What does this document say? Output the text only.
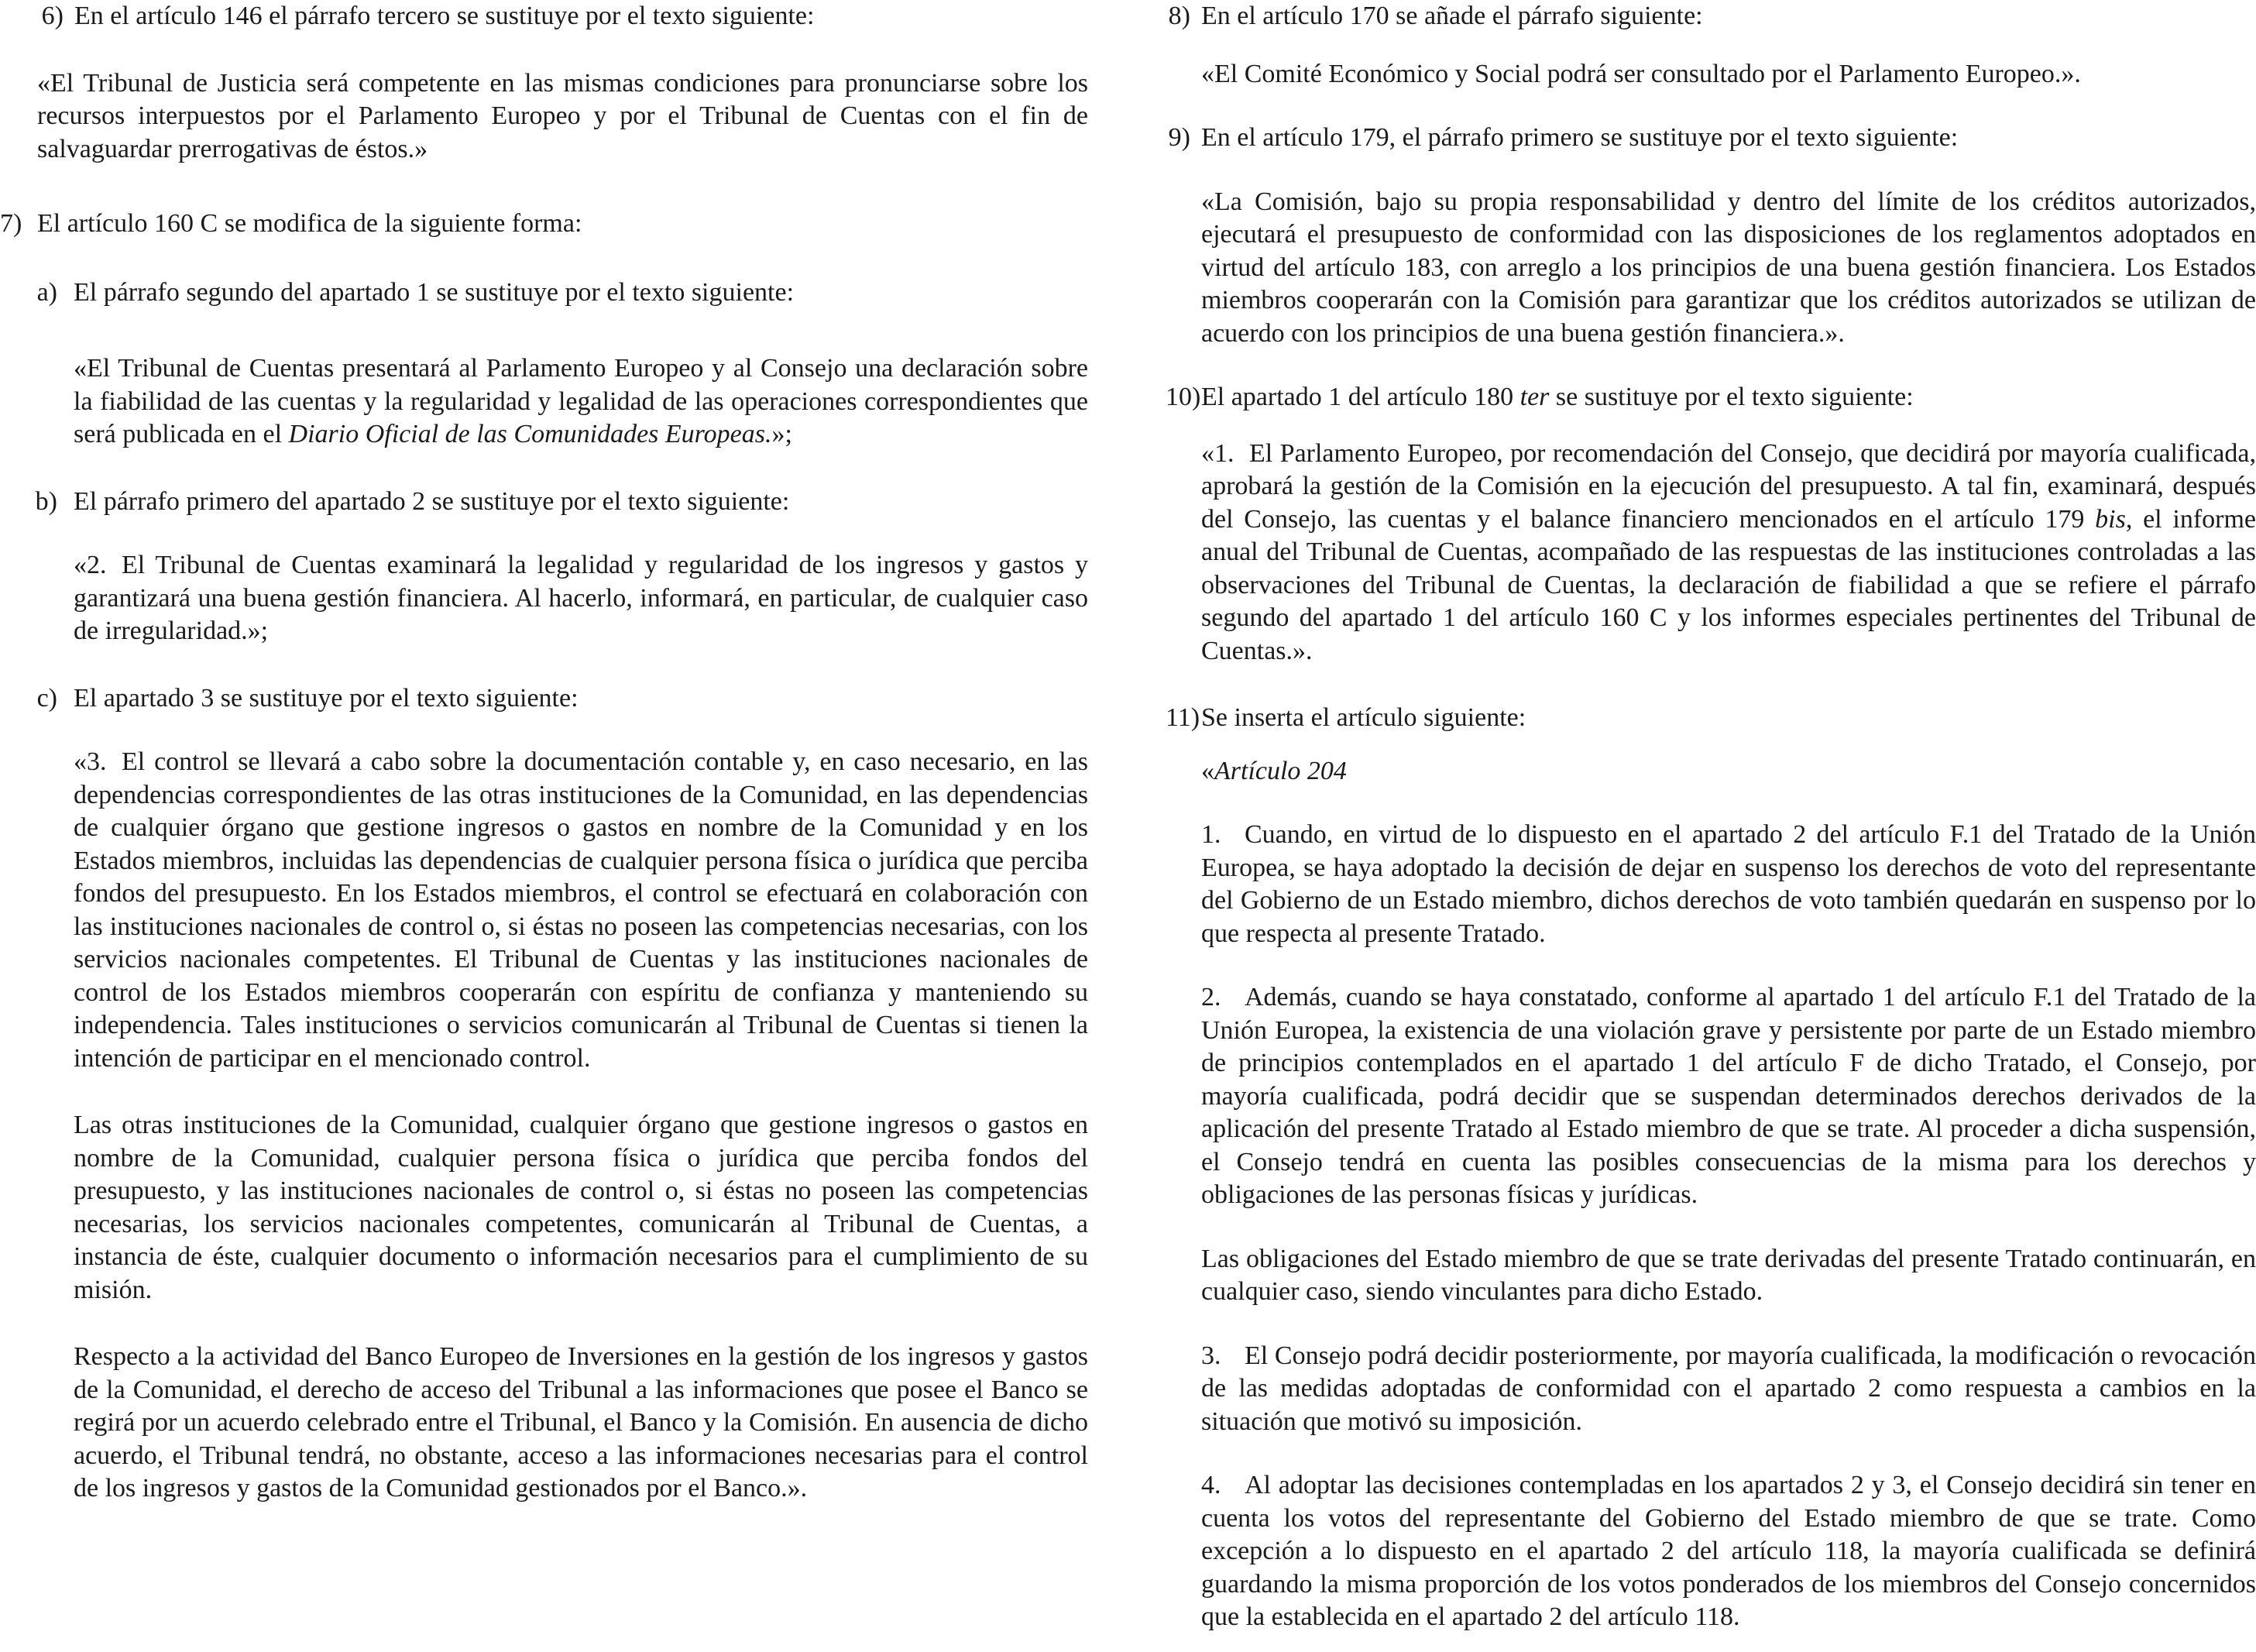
6) En el artículo 146 el párrafo tercero se sustituye por el texto siguiente:

«El Tribunal de Justicia será competente en las mismas condiciones para pronunciarse sobre los recursos interpuestos por el Parlamento Europeo y por el Tribunal de Cuentas con el fin de salvaguardar prerrogativas de éstos.»

7) El artículo 160 C se modifica de la siguiente forma:
a) El párrafo segundo del apartado 1 se sustituye por el texto siguiente:

«El Tribunal de Cuentas presentará al Parlamento Europeo y al Consejo una declaración sobre la fiabilidad de las cuentas y la regularidad y legalidad de las operaciones correspondientes que será publicada en el Diario Oficial de las Comunidades Europeas.»;

b) El párrafo primero del apartado 2 se sustituye por el texto siguiente:

«2. El Tribunal de Cuentas examinará la legalidad y regularidad de los ingresos y gastos y garantizará una buena gestión financiera. Al hacerlo, informará, en particular, de cualquier caso de irregularidad.»;

c) El apartado 3 se sustituye por el texto siguiente:

«3. El control se llevará a cabo sobre la documentación contable y, en caso necesario, en las dependencias correspondientes de las otras instituciones de la Comunidad, en las dependencias de cualquier órgano que gestione ingresos o gastos en nombre de la Comunidad y en los Estados miembros, incluidas las dependencias de cualquier persona física o jurídica que perciba fondos del presupuesto. En los Estados miembros, el control se efectuará en colaboración con las instituciones nacionales de control o, si éstas no poseen las competencias necesarias, con los servicios nacionales competentes. El Tribunal de Cuentas y las instituciones nacionales de control de los Estados miembros cooperarán con espíritu de confianza y manteniendo su independencia. Tales instituciones o servicios comunicarán al Tribunal de Cuentas si tienen la intención de participar en el mencionado control.

Las otras instituciones de la Comunidad, cualquier órgano que gestione ingresos o gastos en nombre de la Comunidad, cualquier persona física o jurídica que perciba fondos del presupuesto, y las instituciones nacionales de control o, si éstas no poseen las competencias necesarias, los servicios nacionales competentes, comunicarán al Tribunal de Cuentas, a instancia de éste, cualquier documento o información necesarios para el cumplimiento de su misión.

Respecto a la actividad del Banco Europeo de Inversiones en la gestión de los ingresos y gastos de la Comunidad, el derecho de acceso del Tribunal a las informaciones que posee el Banco se regirá por un acuerdo celebrado entre el Tribunal, el Banco y la Comisión. En ausencia de dicho acuerdo, el Tribunal tendrá, no obstante, acceso a las informaciones necesarias para el control de los ingresos y gastos de la Comunidad gestionados por el Banco.».

8) En el artículo 170 se añade el párrafo siguiente:

«El Comité Económico y Social podrá ser consultado por el Parlamento Europeo.».

9) En el artículo 179, el párrafo primero se sustituye por el texto siguiente:

«La Comisión, bajo su propia responsabilidad y dentro del límite de los créditos autorizados, ejecutará el presupuesto de conformidad con las disposiciones de los reglamentos adoptados en virtud del artículo 183, con arreglo a los principios de una buena gestión financiera. Los Estados miembros cooperarán con la Comisión para garantizar que los créditos autorizados se utilizan de acuerdo con los principios de una buena gestión financiera.».

10) El apartado 1 del artículo 180 ter se sustituye por el texto siguiente:

«1. El Parlamento Europeo, por recomendación del Consejo, que decidirá por mayoría cualificada, aprobará la gestión de la Comisión en la ejecución del presupuesto. A tal fin, examinará, después del Consejo, las cuentas y el balance financiero mencionados en el artículo 179 bis, el informe anual del Tribunal de Cuentas, acompañado de las respuestas de las instituciones controladas a las observaciones del Tribunal de Cuentas, la declaración de fiabilidad a que se refiere el párrafo segundo del apartado 1 del artículo 160 C y los informes especiales pertinentes del Tribunal de Cuentas.».

11) Se inserta el artículo siguiente:

«Artículo 204

1. Cuando, en virtud de lo dispuesto en el apartado 2 del artículo F.1 del Tratado de la Unión Europea, se haya adoptado la decisión de dejar en suspenso los derechos de voto del representante del Gobierno de un Estado miembro, dichos derechos de voto también quedarán en suspenso por lo que respecta al presente Tratado.

2. Además, cuando se haya constatado, conforme al apartado 1 del artículo F.1 del Tratado de la Unión Europea, la existencia de una violación grave y persistente por parte de un Estado miembro de principios contemplados en el apartado 1 del artículo F de dicho Tratado, el Consejo, por mayoría cualificada, podrá decidir que se suspendan determinados derechos derivados de la aplicación del presente Tratado al Estado miembro de que se trate. Al proceder a dicha suspensión, el Consejo tendrá en cuenta las posibles consecuencias de la misma para los derechos y obligaciones de las personas físicas y jurídicas.

Las obligaciones del Estado miembro de que se trate derivadas del presente Tratado continuarán, en cualquier caso, siendo vinculantes para dicho Estado.

3. El Consejo podrá decidir posteriormente, por mayoría cualificada, la modificación o revocación de las medidas adoptadas de conformidad con el apartado 2 como respuesta a cambios en la situación que motivó su imposición.

4. Al adoptar las decisiones contempladas en los apartados 2 y 3, el Consejo decidirá sin tener en cuenta los votos del representante del Gobierno del Estado miembro de que se trate. Como excepción a lo dispuesto en el apartado 2 del artículo 118, la mayoría cualificada se definirá guardando la misma proporción de los votos ponderados de los miembros del Consejo concernidos que la establecida en el apartado 2 del artículo 118.
